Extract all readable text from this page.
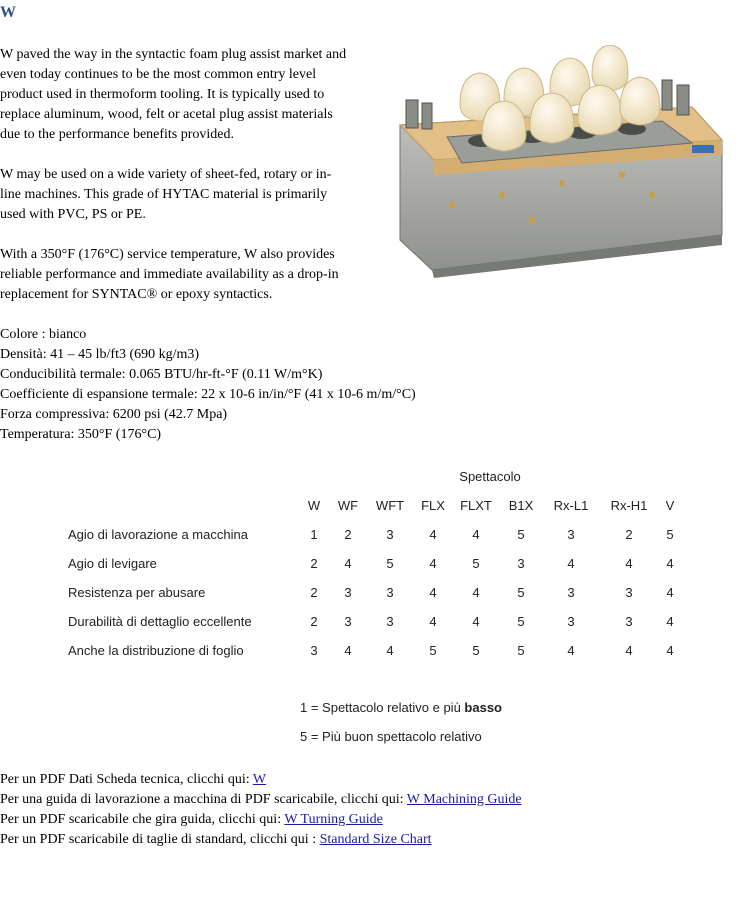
W
W paved the way in the syntactic foam plug assist market and
even today continues to be the most common entry level
product used in thermoform tooling. It is typically used to
replace aluminum, wood, felt or acetal plug assist materials
due to the performance benefits provided.
W may be used on a wide variety of sheet-fed, rotary or in-
line machines. This grade of HYTAC material is primarily
used with PVC, PS or PE.
With a 350°F (176°C) service temperature, W also provides
reliable performance and immediate availability as a drop-in
replacement for SYNTAC® or epoxy syntactics.
Colore : bianco
Densità: 41 – 45 lb/ft3 (690 kg/m3)
Conducibilità termale: 0.065 BTU/hr-ft-°F (0.11 W/m°K)
Coefficiente di espansione termale: 22 x 10-6 in/in/°F (41 x 10-6 m/m/°C)
Forza compressiva: 6200 psi (42.7 Mpa)
Temperatura: 350°F (176°C)
	Spettacolo								
	W	WF	WFT	FLX	FLXT	B1X	Rx-L1	Rx-H1	V
Agio di lavorazione a macchina	1	2	3	4	4	5	3	2	5
Agio di levigare	2	4	5	4	5	3	4	4	4
Resistenza per abusare	2	3	3	4	4	5	3	3	4
Durabilità di dettaglio eccellente	2	3	3	4	4	5	3	3	4
Anche la distribuzione di foglio	3	4	4	5	5	5	4	4	4
1 = Spettacolo relativo e più basso
5 = Più buon spettacolo relativo
Per un PDF Dati Scheda tecnica, clicchi qui: W
Per una guida di lavorazione a macchina di PDF scaricabile, clicchi qui: W Machining Guide
Per un PDF scaricabile che gira guida, clicchi qui: W Turning Guide
Per un PDF scaricabile di taglie di standard, clicchi qui : Standard Size Chart
